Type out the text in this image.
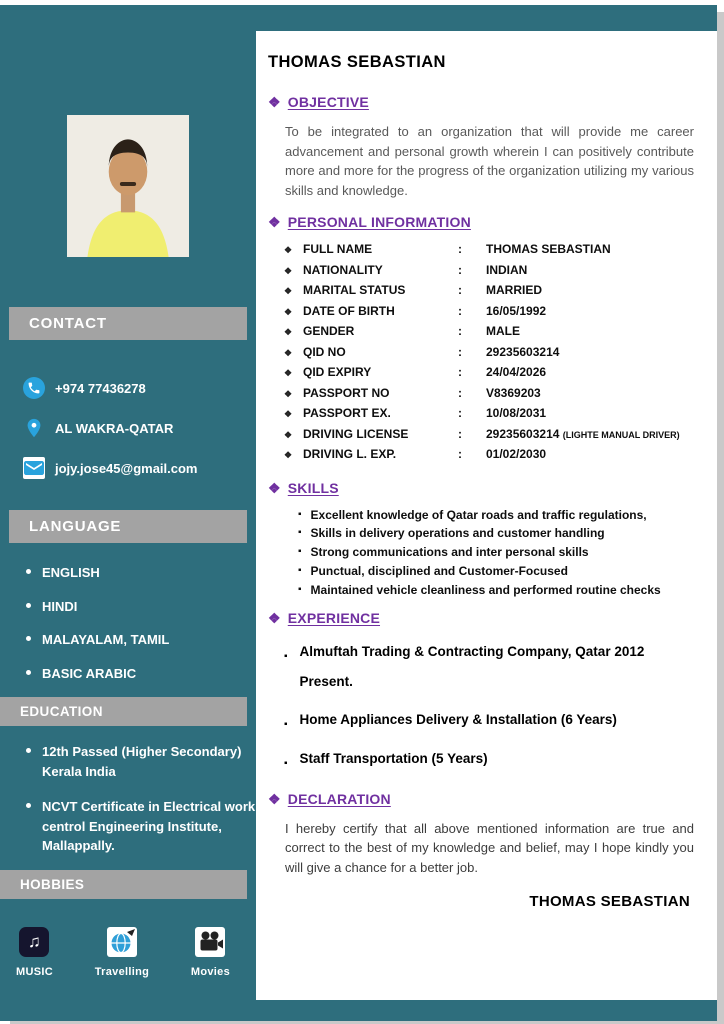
CONTACT
+974 77436278
AL WAKRA-QATAR
jojy.jose45@gmail.com
LANGUAGE
ENGLISH
HINDI
MALAYALAM, TAMIL
BASIC ARABIC
EDUCATION
12th Passed (Higher Secondary) Kerala India
NCVT Certificate in Electrical work centrol Engineering Institute, Mallappally.
HOBBIES
♫
MUSIC	Travelling	Movies
THOMAS SEBASTIAN
❖ OBJECTIVE

To be integrated to an organization that will provide me career advancement and personal growth wherein I can positively contribute more and more for the progress of the organization utilizing my various skills and knowledge.

❖ PERSONAL INFORMATION
❖ FULL NAME	:	THOMAS SEBASTIAN
❖ NATIONALITY	:	INDIAN
❖ MARITAL STATUS	:	MARRIED
❖ DATE OF BIRTH	:	16/05/1992
❖ GENDER	:	MALE
❖ QID NO	:	29235603214
❖ QID EXPIRY	:	24/04/2026
❖ PASSPORT NO	:	V8369203
❖ PASSPORT EX.	:	10/08/2031
❖ DRIVING LICENSE	:	29235603214 (LIGHTE MANUAL DRIVER)
❖ DRIVING L. EXP.	:	01/02/2030
❖ SKILLS
▪ Excellent knowledge of Qatar roads and traffic regulations,
▪ Skills in delivery operations and customer handling
▪ Strong communications and inter personal skills
▪ Punctual, disciplined and Customer-Focused
▪ Maintained vehicle cleanliness and performed routine checks
❖ EXPERIENCE
▪ Almuftah Trading & Contracting Company, Qatar 2012 Present.
▪ Home Appliances Delivery & Installation (6 Years)
▪ Staff Transportation (5 Years)
❖ DECLARATION

I hereby certify that all above mentioned information are true and correct to the best of my knowledge and belief, may I hope kindly you will give a chance for a better job.

THOMAS SEBASTIAN
